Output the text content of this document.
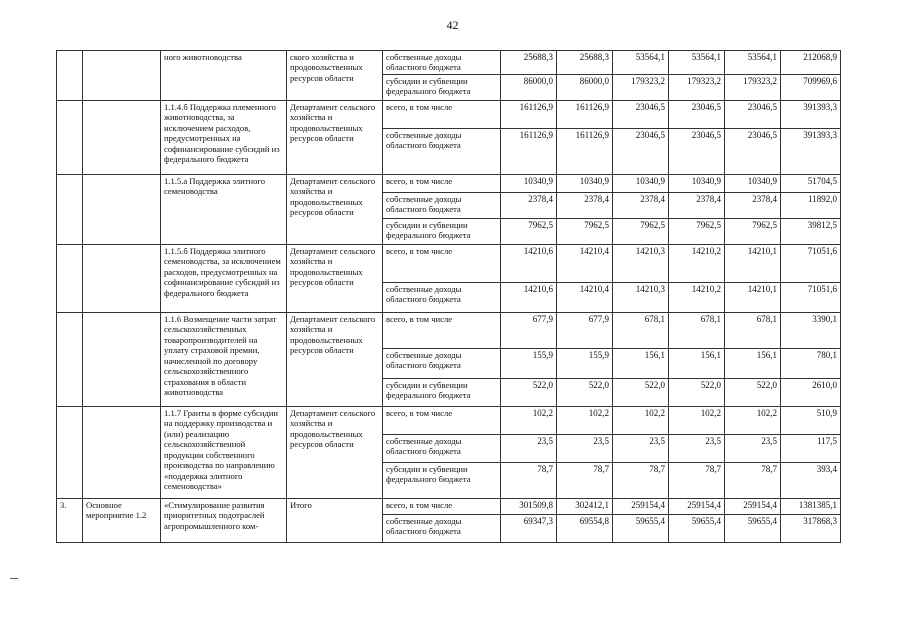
42
		ного животноводства	ского хозяйства и продовольственных ресурсов области	собственные доходы областного бюджета	25688,3	25688,3	53564,1	53564,1	53564,1	212068,9
				субсидии и субвенции федерального бюджета	86000,0	86000,0	179323,2	179323,2	179323,2	709969,6
		1.1.4.б Поддержка племенного животноводства, за исключением расходов, предусмотренных на софинансирование субсидий из федерального бюджета	Департамент сельского хозяйства и продовольственных ресурсов области	всего, в том числе	161126,9	161126,9	23046,5	23046,5	23046,5	391393,3
				собственные доходы областного бюджета	161126,9	161126,9	23046,5	23046,5	23046,5	391393,3
		1.1.5.а Поддержка элитного семеноводства	Департамент сельского хозяйства и продовольственных ресурсов области	всего, в том числе	10340,9	10340,9	10340,9	10340,9	10340,9	51704,5
				собственные доходы областного бюджета	2378,4	2378,4	2378,4	2378,4	2378,4	11892,0
				субсидии и субвенции федерального бюджета	7962,5	7962,5	7962,5	7962,5	7962,5	39812,5
		1.1.5.б Поддержка элитного семеноводства, за исключением расходов, предусмотренных на софинансирование субсидий из федерального бюджета	Департамент сельского хозяйства и продовольственных ресурсов области	всего, в том числе	14210,6	14210,4	14210,3	14210,2	14210,1	71051,6
				собственные доходы областного бюджета	14210,6	14210,4	14210,3	14210,2	14210,1	71051,6
		1.1.6 Возмещение части затрат сельскохозяйственных товаропроизводителей на уплату страховой премии, начисленной по договору сельскохозяйственного страхования в области животноводства	Департамент сельского хозяйства и продовольственных ресурсов области	всего, в том числе	677,9	677,9	678,1	678,1	678,1	3390,1
				собственные доходы областного бюджета	155,9	155,9	156,1	156,1	156,1	780,1
				субсидии и субвенции федерального бюджета	522,0	522,0	522,0	522,0	522,0	2610,0
		1.1.7 Гранты в форме субсидии на поддержку производства и (или) реализацию сельскохозяйственной продукции собственного производства по направлению «поддержка элитного семеноводства»	Департамент сельского хозяйства и продовольственных ресурсов области	всего, в том числе	102,2	102,2	102,2	102,2	102,2	510,9
				собственные доходы областного бюджета	23,5	23,5	23,5	23,5	23,5	117,5
				субсидии и субвенции федерального бюджета	78,7	78,7	78,7	78,7	78,7	393,4
3.	Основное мероприятие 1.2	«Стимулирование развития приоритетных подотраслей агропромышленного ком-	Итого	всего, в том числе	301509,8	302412,1	259154,4	259154,4	259154,4	1381385,1
				собственные доходы областного бюджета	69347,3	69554,8	59655,4	59655,4	59655,4	317868,3
